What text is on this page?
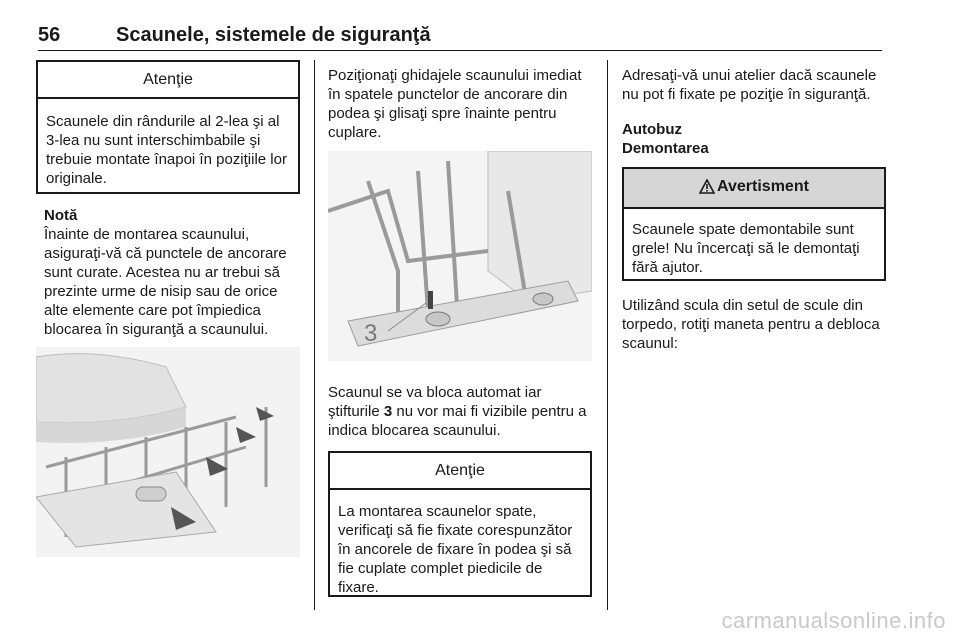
56	Scaunele, sistemele de siguranţă
Atenţie
Scaunele din rândurile al 2-lea şi al 3-lea nu sunt interschimbabile şi trebuie montate înapoi în poziţiile lor originale.

Notă

Înainte de montarea scaunului, asiguraţi-vă că punctele de ancorare sunt curate. Acestea nu ar trebui să prezinte urme de nisip sau de orice alte elemente care pot împiedica blocarea în siguranţă a scaunului.

Poziţionaţi ghidajele scaunului imediat în spatele punctelor de ancorare din podea şi glisaţi spre înainte pentru cuplare.

3

Scaunul se va bloca automat iar ştifturile 3 nu vor mai fi vizibile pentru a indica blocarea scaunului.

Atenţie
La montarea scaunelor spate, verificaţi să fie fixate corespunzător în ancorele de fixare în podea şi să fie cuplate complet piedicile de fixare.

Adresaţi-vă unui atelier dacă scaunele nu pot fi fixate pe poziţie în siguranţă.

Autobuz

Demontarea

Avertisment
Scaunele spate demontabile sunt grele! Nu încercaţi să le demontaţi fără ajutor.

Utilizând scula din setul de scule din torpedo, rotiţi maneta pentru a debloca scaunul:

carmanualsonline.info
